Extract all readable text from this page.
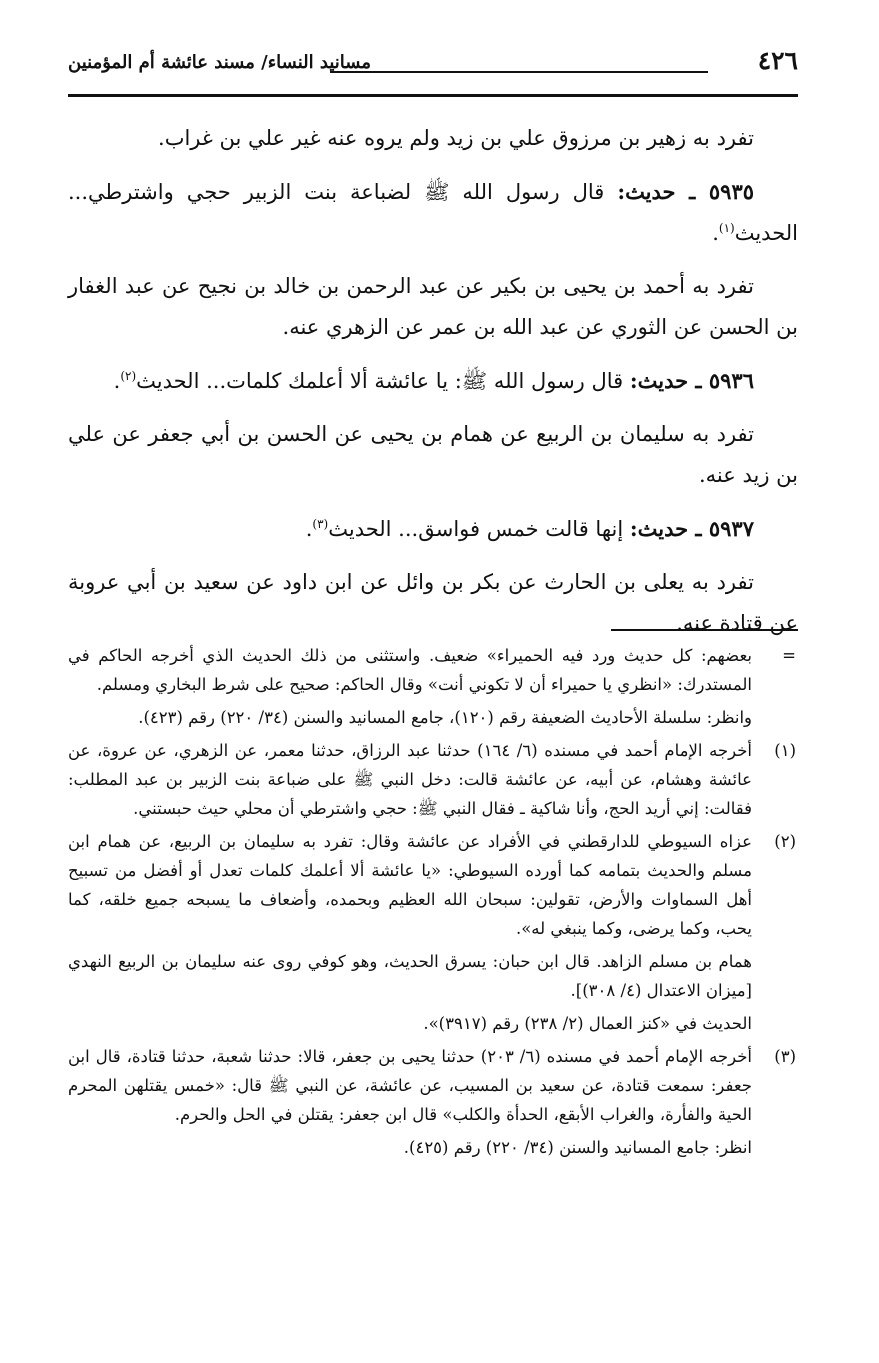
٤٢٦
مسانيد النساء/ مسند عائشة أم المؤمنين

تفرد به زهير بن مرزوق علي بن زيد ولم يروه عنه غير علي بن غراب.

٥٩٣٥ ـ حديث: قال رسول الله ﷺ لضباعة بنت الزبير حجي واشترطي... الحديث$^{(١)}$.

تفرد به أحمد بن يحيى بن بكير عن عبد الرحمن بن خالد بن نجيح عن عبد الغفار بن الحسن عن الثوري عن عبد الله بن عمر عن الزهري عنه.

٥٩٣٦ ـ حديث: قال رسول الله ﷺ: يا عائشة ألا أعلمك كلمات... الحديث$^{(٢)}$.

تفرد به سليمان بن الربيع عن همام بن يحيى عن الحسن بن أبي جعفر عن علي بن زيد عنه.

٥٩٣٧ ـ حديث: إنها قالت خمس فواسق... الحديث$^{(٣)}$.

تفرد به يعلى بن الحارث عن بكر بن وائل عن ابن داود عن سعيد بن أبي عروبة عن قتادة عنه.

=

بعضهم: كل حديث ورد فيه الحميراء» ضعيف. واستثنى من ذلك الحديث الذي أخرجه الحاكم في المستدرك: «انظري يا حميراء أن لا تكوني أنت» وقال الحاكم: صحيح على شرط البخاري ومسلم.

وانظر: سلسلة الأحاديث الضعيفة رقم (١٢٠)، جامع المسانيد والسنن (٣٤/ ٢٢٠) رقم (٤٢٣).

(١)

أخرجه الإمام أحمد في مسنده (٦/ ١٦٤) حدثنا عبد الرزاق، حدثنا معمر، عن الزهري، عن عروة، عن عائشة وهشام، عن أبيه، عن عائشة قالت: دخل النبي ﷺ على ضباعة بنت الزبير بن عبد المطلب: فقالت: إني أريد الحج، وأنا شاكية ـ فقال النبي ﷺ: حجي واشترطي أن محلي حيث حبستني.

(٢)

عزاه السيوطي للدارقطني في الأفراد عن عائشة وقال: تفرد به سليمان بن الربيع، عن همام ابن مسلم والحديث بتمامه كما أورده السيوطي: «يا عائشة ألا أعلمك كلمات تعدل أو أفضل من تسبيح أهل السماوات والأرض، تقولين: سبحان الله العظيم وبحمده، وأضعاف ما يسبحه جميع خلقه، كما يحب، وكما يرضى، وكما ينبغي له».

همام بن مسلم الزاهد. قال ابن حبان: يسرق الحديث، وهو كوفي روى عنه سليمان بن الربيع النهدي [ميزان الاعتدال (٤/ ٣٠٨)].

الحديث في «كنز العمال (٢/ ٢٣٨) رقم (٣٩١٧)».

(٣)

أخرجه الإمام أحمد في مسنده (٦/ ٢٠٣) حدثنا يحيى بن جعفر، قالا: حدثنا شعبة، حدثنا قتادة، قال ابن جعفر: سمعت قتادة، عن سعيد بن المسيب، عن عائشة، عن النبي ﷺ قال: «خمس يقتلهن المحرم الحية والفأرة، والغراب الأبقع، الحدأة والكلب» قال ابن جعفر: يقتلن في الحل والحرم.

انظر: جامع المسانيد والسنن (٣٤/ ٢٢٠) رقم (٤٢٥).
